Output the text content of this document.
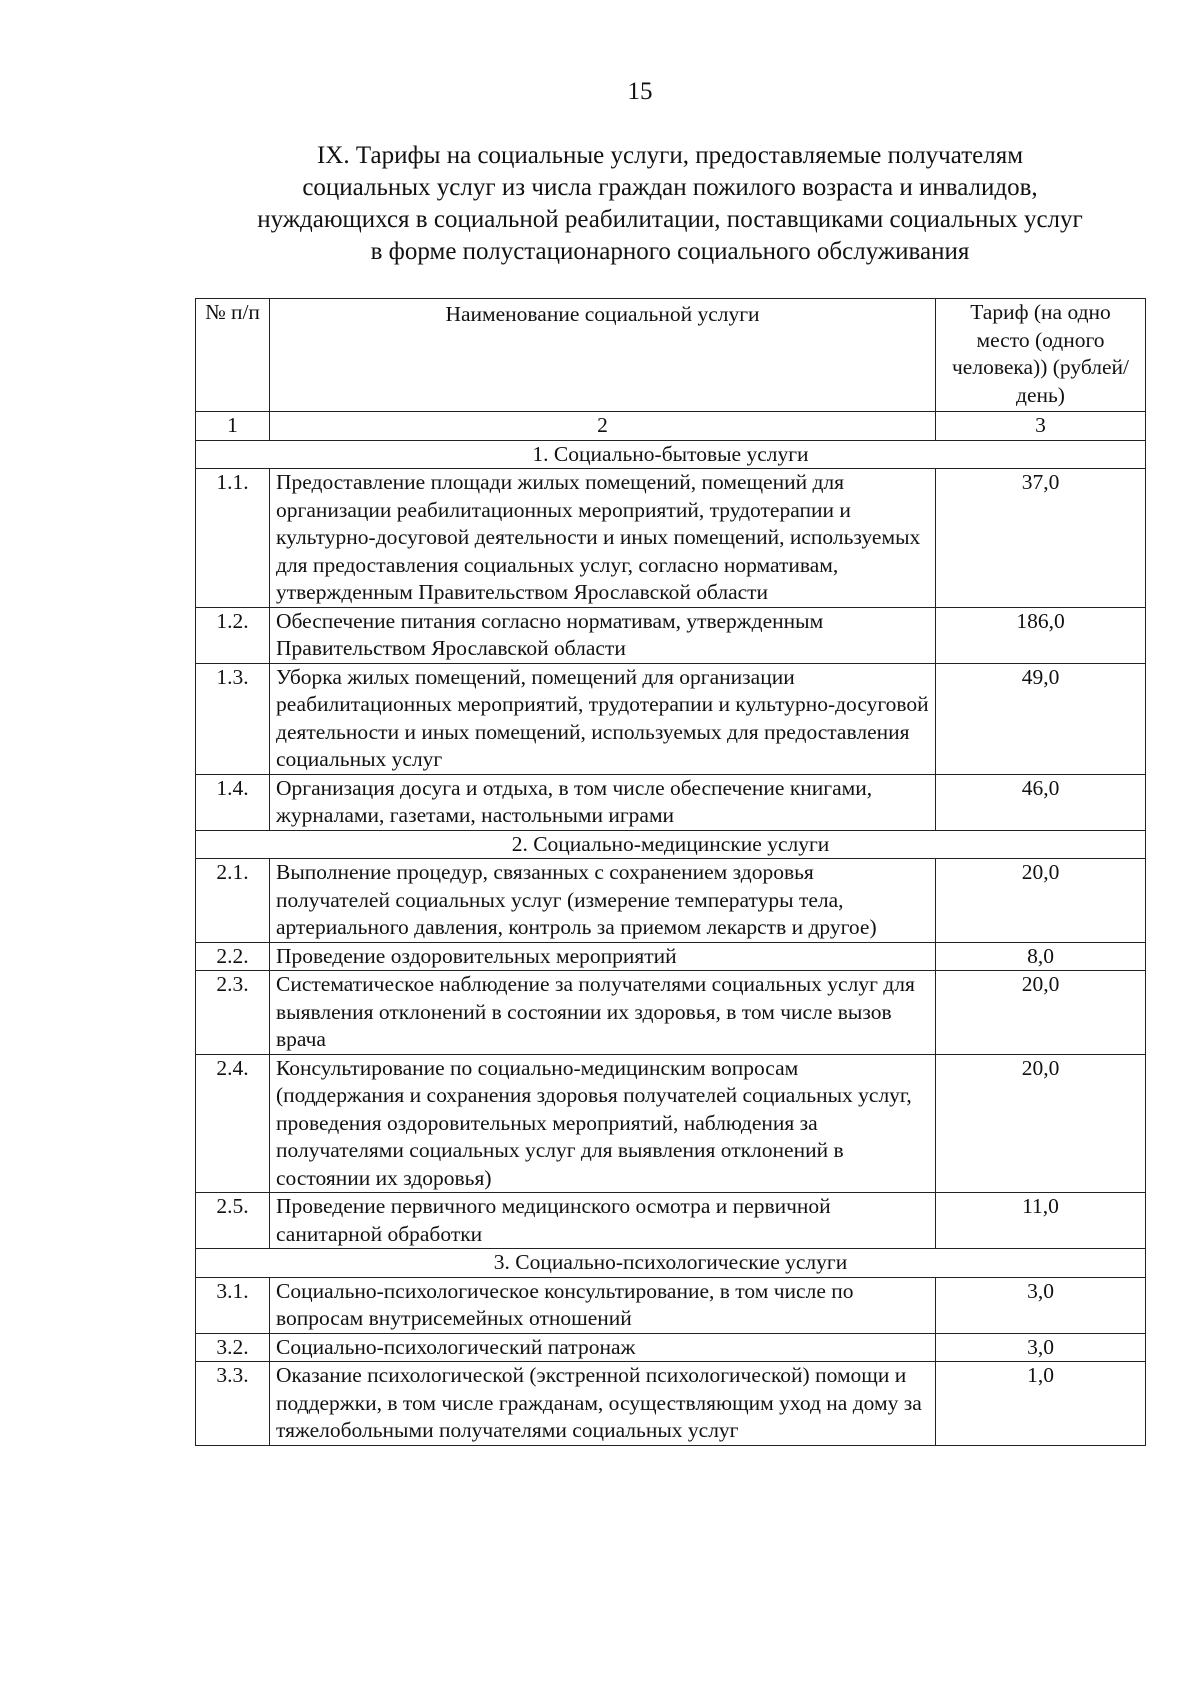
15
IX. Тарифы на социальные услуги, предоставляемые получателям
социальных услуг из числа граждан пожилого возраста и инвалидов,
нуждающихся в социальной реабилитации, поставщиками социальных услуг
в форме полустационарного социального обслуживания
№ п/п	Наименование социальной услуги	Тариф (на одно место (одного человека)) (рублей/день)
1	2	3
1. Социально-бытовые услуги		
1.1.	Предоставление площади жилых помещений, помещений для организации реабилитационных мероприятий, трудотерапии и культурно-досуговой деятельности и иных помещений, используемых для предоставления социальных услуг, согласно нормативам, утвержденным Правительством Ярославской области	37,0
1.2.	Обеспечение питания согласно нормативам, утвержденным Правительством Ярославской области	186,0
1.3.	Уборка жилых помещений, помещений для организации реабилитационных мероприятий, трудотерапии и культурно-досуговой деятельности и иных помещений, используемых для предоставления социальных услуг	49,0
1.4.	Организация досуга и отдыха, в том числе обеспечение книгами, журналами, газетами, настольными играми	46,0
2. Социально-медицинские услуги		
2.1.	Выполнение процедур, связанных с сохранением здоровья получателей социальных услуг (измерение температуры тела, артериального давления, контроль за приемом лекарств и другое)	20,0
2.2.	Проведение оздоровительных мероприятий	8,0
2.3.	Систематическое наблюдение за получателями социальных услуг для выявления отклонений в состоянии их здоровья, в том числе вызов врача	20,0
2.4.	Консультирование по социально-медицинским вопросам (поддержания и сохранения здоровья получателей социальных услуг, проведения оздоровительных мероприятий, наблюдения за получателями социальных услуг для выявления отклонений в состоянии их здоровья)	20,0
2.5.	Проведение первичного медицинского осмотра и первичной санитарной обработки	11,0
3. Социально-психологические услуги		
3.1.	Социально-психологическое консультирование, в том числе по вопросам внутрисемейных отношений	3,0
3.2.	Социально-психологический патронаж	3,0
3.3.	Оказание психологической (экстренной психологической) помощи и поддержки, в том числе гражданам, осуществляющим уход на дому за тяжелобольными получателями социальных услуг	1,0
